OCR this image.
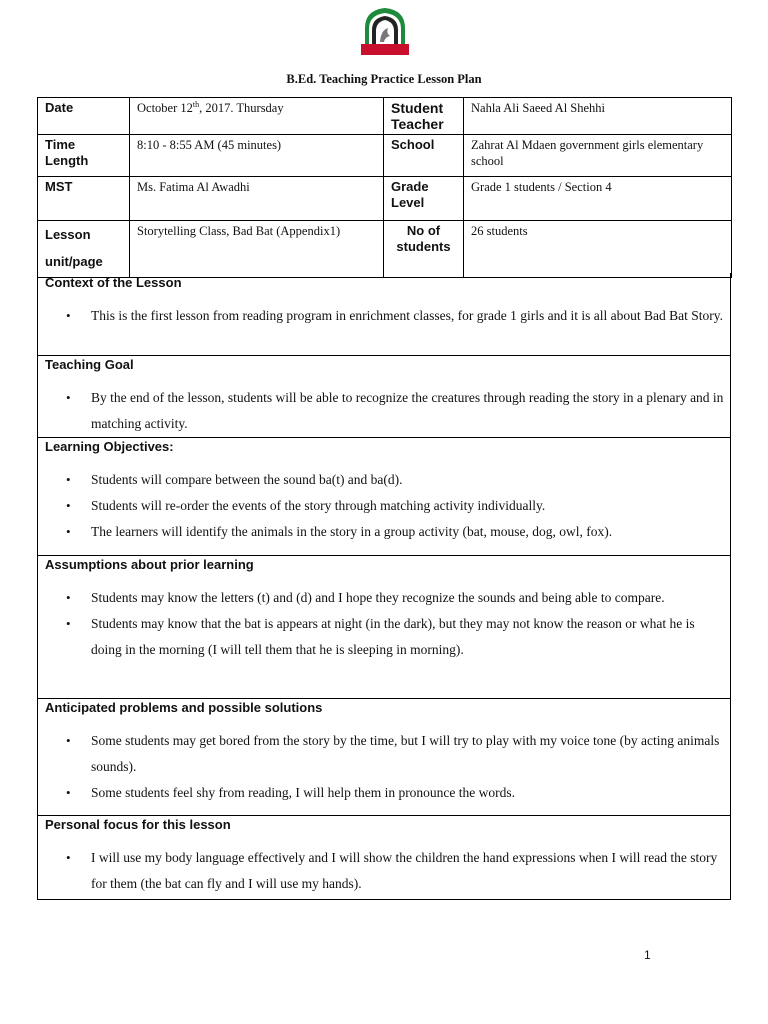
B.Ed. Teaching Practice Lesson Plan
Date	October 12th, 2017. Thursday	Student Teacher	Nahla Ali Saeed Al Shehhi
Time Length	8:10 - 8:55 AM (45 minutes)	School	Zahrat Al Mdaen government girls elementary school
MST	Ms. Fatima Al Awadhi	Grade Level	Grade 1 students / Section 4
Lesson
unit/page	Storytelling Class, Bad Bat (Appendix1)	No of students	26 students
Context of the Lesson
• This is the first lesson from reading program in enrichment classes, for grade 1 girls and it is all about Bad Bat Story.
Teaching Goal
• By the end of the lesson, students will be able to recognize the creatures through reading the story in a plenary and in matching activity.
Learning Objectives:
• Students will compare between the sound ba(t) and ba(d).
• Students will re-order the events of the story through matching activity individually.
• The learners will identify the animals in the story in a group activity (bat, mouse, dog, owl, fox).
Assumptions about prior learning
• Students may know the letters (t) and (d) and I hope they recognize the sounds and being able to compare.
• Students may know that the bat is appears at night (in the dark), but they may not know the reason or what he is doing in the morning (I will tell them that he is sleeping in morning).
Anticipated problems and possible solutions
• Some students may get bored from the story by the time, but I will try to play with my voice tone (by acting animals sounds).
• Some students feel shy from reading, I will help them in pronounce the words.
Personal focus for this lesson
• I will use my body language effectively and I will show the children the hand expressions when I will read the story for them (the bat can fly and I will use my hands).
1
